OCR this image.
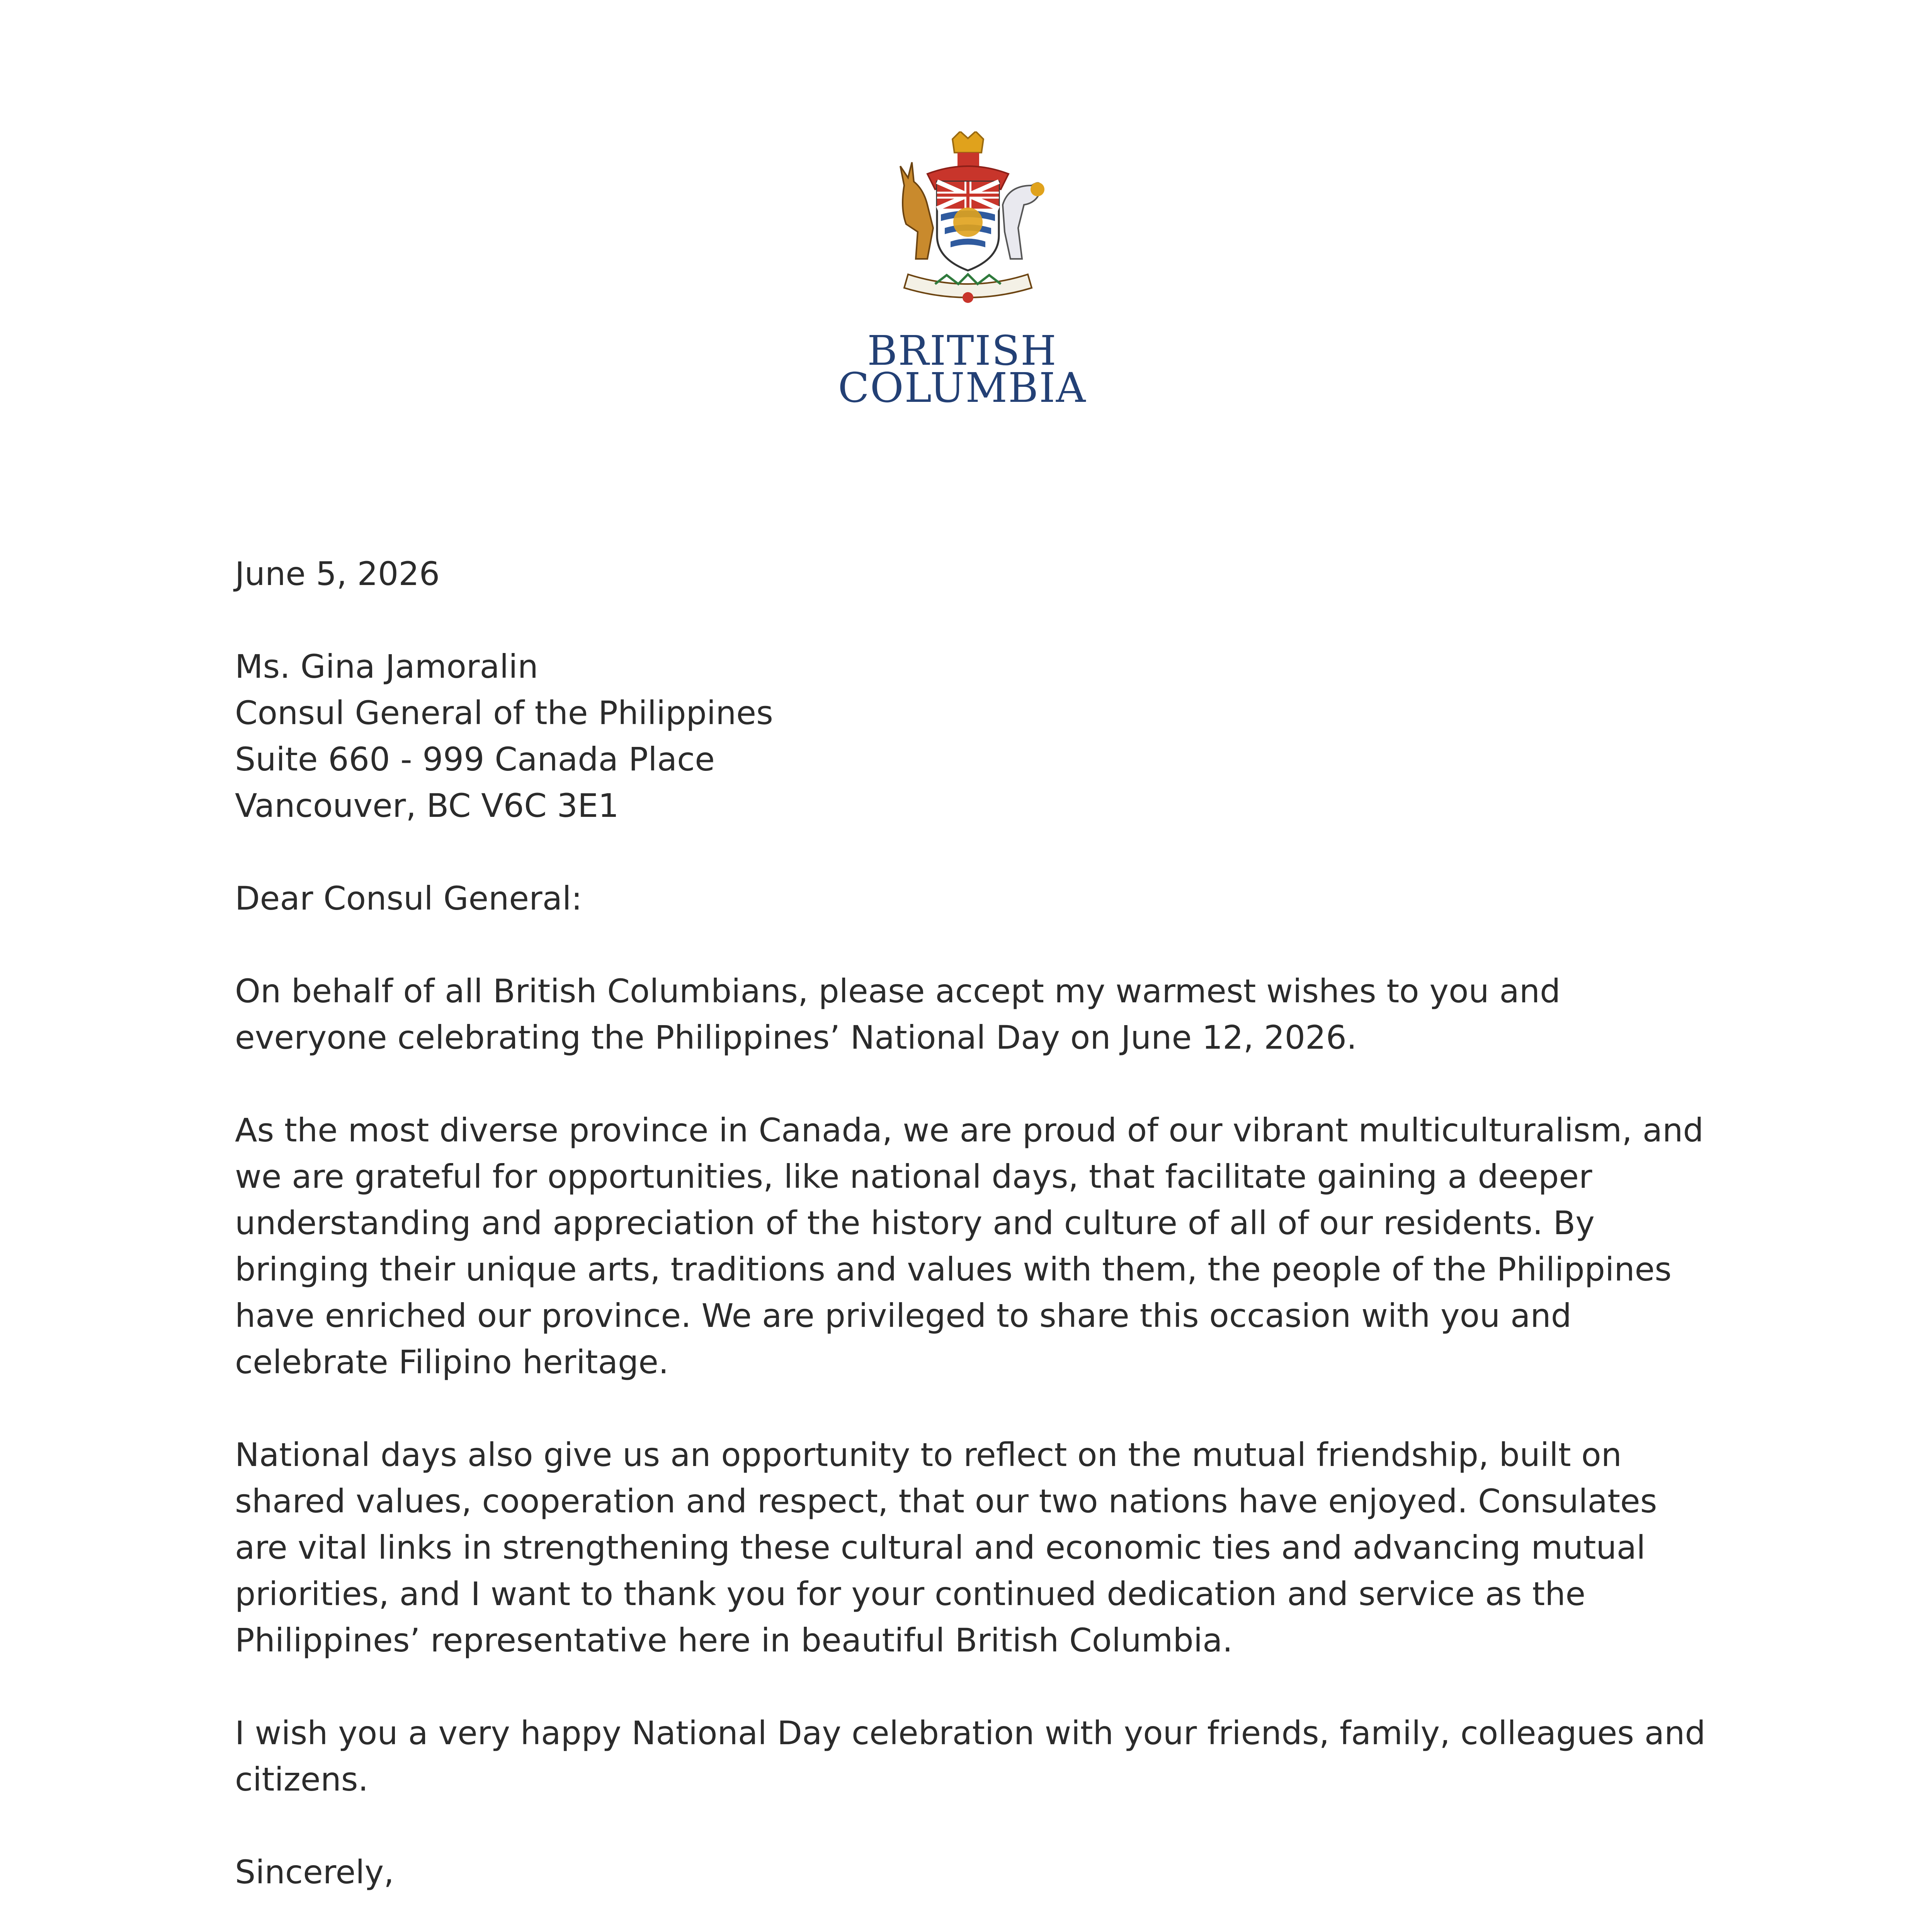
BRITISH
COLUMBIA
June 5, 2026
Ms. Gina Jamoralin
Consul General of the Philippines
Suite 660 - 999 Canada Place
Vancouver, BC V6C 3E1
Dear Consul General:
On behalf of all British Columbians, please accept my warmest wishes to you and
everyone celebrating the Philippines’ National Day on June 12, 2026.
As the most diverse province in Canada, we are proud of our vibrant multiculturalism, and
we are grateful for opportunities, like national days, that facilitate gaining a deeper
understanding and appreciation of the history and culture of all of our residents. By
bringing their unique arts, traditions and values with them, the people of the Philippines
have enriched our province. We are privileged to share this occasion with you and
celebrate Filipino heritage.
National days also give us an opportunity to reflect on the mutual friendship, built on
shared values, cooperation and respect, that our two nations have enjoyed. Consulates
are vital links in strengthening these cultural and economic ties and advancing mutual
priorities, and I want to thank you for your continued dedication and service as the
Philippines’ representative here in beautiful British Columbia.
I wish you a very happy National Day celebration with your friends, family, colleagues and
citizens.
Sincerely,
